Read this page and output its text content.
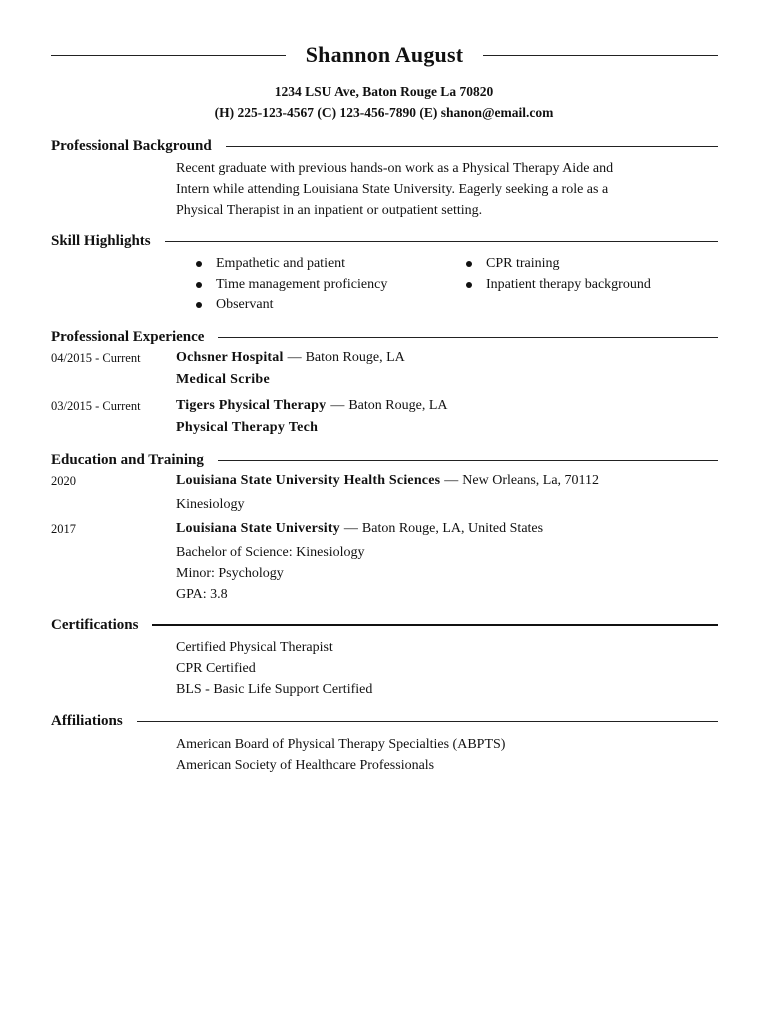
Shannon August
1234 LSU Ave, Baton Rouge La 70820
(H) 225-123-4567 (C) 123-456-7890 (E) shanon@email.com
Professional Background
Recent graduate with previous hands-on work as a Physical Therapy Aide and
Intern while attending Louisiana State University. Eagerly seeking a role as a
Physical Therapist in an inpatient or outpatient setting.
Skill Highlights
Empathetic and patient
Time management proficiency
Observant
CPR training
Inpatient therapy background
Professional Experience
04/2015 - Current	Ochsner Hospital — Baton Rouge, LA
Medical Scribe
03/2015 - Current	Tigers Physical Therapy — Baton Rouge, LA
Physical Therapy Tech
Education and Training
2020	Louisiana State University Health Sciences — New Orleans, La, 70112
Kinesiology
2017	Louisiana State University — Baton Rouge, LA, United States
Bachelor of Science: Kinesiology
Minor: Psychology
GPA: 3.8
Certifications
Certified Physical Therapist
CPR Certified
BLS - Basic Life Support Certified
Affiliations
American Board of Physical Therapy Specialties (ABPTS)
American Society of Healthcare Professionals
